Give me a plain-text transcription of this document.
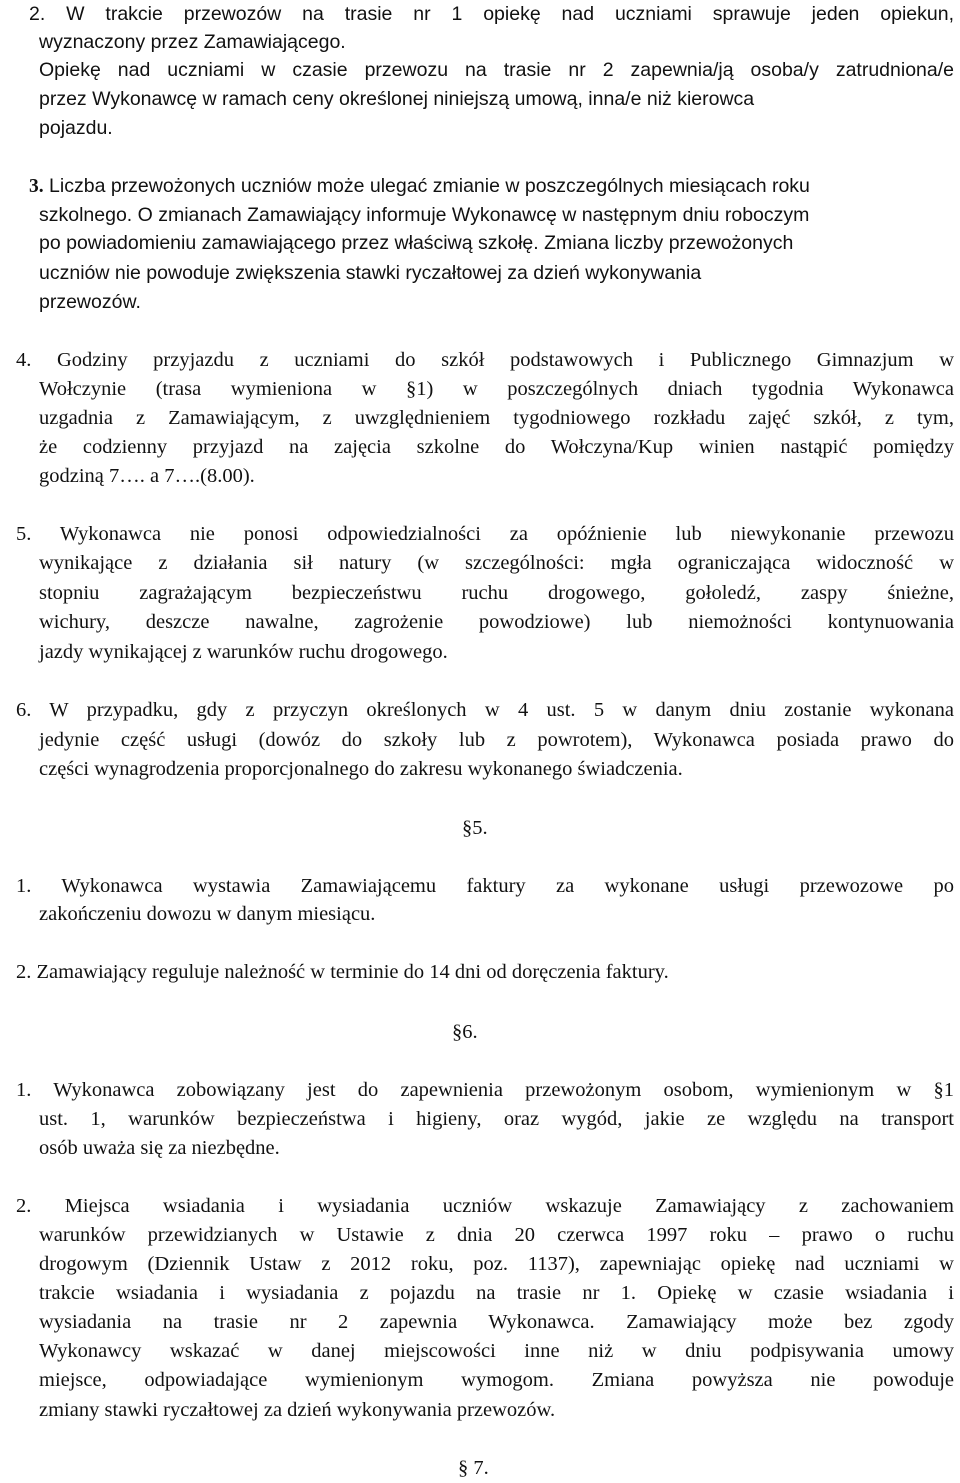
2. W trakcie przewozów na trasie nr 1 opiekę nad uczniami sprawuje jeden opiekun,

wyznaczony przez Zamawiającego.

Opiekę nad uczniami w czasie przewozu na trasie nr 2 zapewnia/ją osoba/y zatrudniona/e

przez Wykonawcę w ramach ceny określonej niniejszą umową, inna/e niż kierowca

pojazdu.

3. Liczba przewożonych uczniów może ulegać zmianie w poszczególnych miesiącach roku

szkolnego. O zmianach Zamawiający informuje Wykonawcę w następnym dniu roboczym

po powiadomieniu zamawiającego przez właściwą szkołę. Zmiana liczby przewożonych

uczniów nie powoduje zwiększenia stawki ryczałtowej za dzień wykonywania

przewozów.

4. Godziny przyjazdu z uczniami do szkół podstawowych i Publicznego Gimnazjum w

Wołczynie (trasa wymieniona w §1) w poszczególnych dniach tygodnia Wykonawca

uzgadnia z Zamawiającym, z uwzględnieniem tygodniowego rozkładu zajęć szkół, z tym,

że codzienny przyjazd na zajęcia szkolne do Wołczyna/Kup winien nastąpić pomiędzy

godziną 7…. a 7….(8.00).

5. Wykonawca nie ponosi odpowiedzialności za opóźnienie lub niewykonanie przewozu

wynikające z działania sił natury (w szczególności: mgła ograniczająca widoczność w

stopniu zagrażającym bezpieczeństwu ruchu drogowego, gołoledź, zaspy śnieżne,

wichury, deszcze nawalne, zagrożenie powodziowe) lub niemożności kontynuowania

jazdy wynikającej z warunków ruchu drogowego.

6. W przypadku, gdy z przyczyn określonych w 4 ust. 5 w danym dniu zostanie wykonana

jedynie część usługi (dowóz do szkoły lub z powrotem), Wykonawca posiada prawo do

części wynagrodzenia proporcjonalnego do zakresu wykonanego świadczenia.

§5.

1. Wykonawca wystawia Zamawiającemu faktury za wykonane usługi przewozowe po

zakończeniu dowozu w danym miesiącu.

2. Zamawiający reguluje należność w terminie do 14 dni od doręczenia faktury.

§6.

1. Wykonawca zobowiązany jest do zapewnienia przewożonym osobom, wymienionym w §1

ust. 1, warunków bezpieczeństwa i higieny, oraz wygód, jakie ze względu na transport

osób uważa się za niezbędne.

2. Miejsca wsiadania i wysiadania uczniów wskazuje Zamawiający z zachowaniem

warunków przewidzianych w Ustawie z dnia 20 czerwca 1997 roku – prawo o ruchu

drogowym (Dziennik Ustaw z 2012 roku, poz. 1137), zapewniając opiekę nad uczniami w

trakcie wsiadania i wysiadania z pojazdu na trasie nr 1. Opiekę w czasie wsiadania i

wysiadania na trasie nr 2 zapewnia Wykonawca. Zamawiający może bez zgody

Wykonawcy wskazać w danej miejscowości inne niż w dniu podpisywania umowy

miejsce, odpowiadające wymienionym wymogom. Zmiana powyższa nie powoduje

zmiany stawki ryczałtowej za dzień wykonywania przewozów.

§ 7.
